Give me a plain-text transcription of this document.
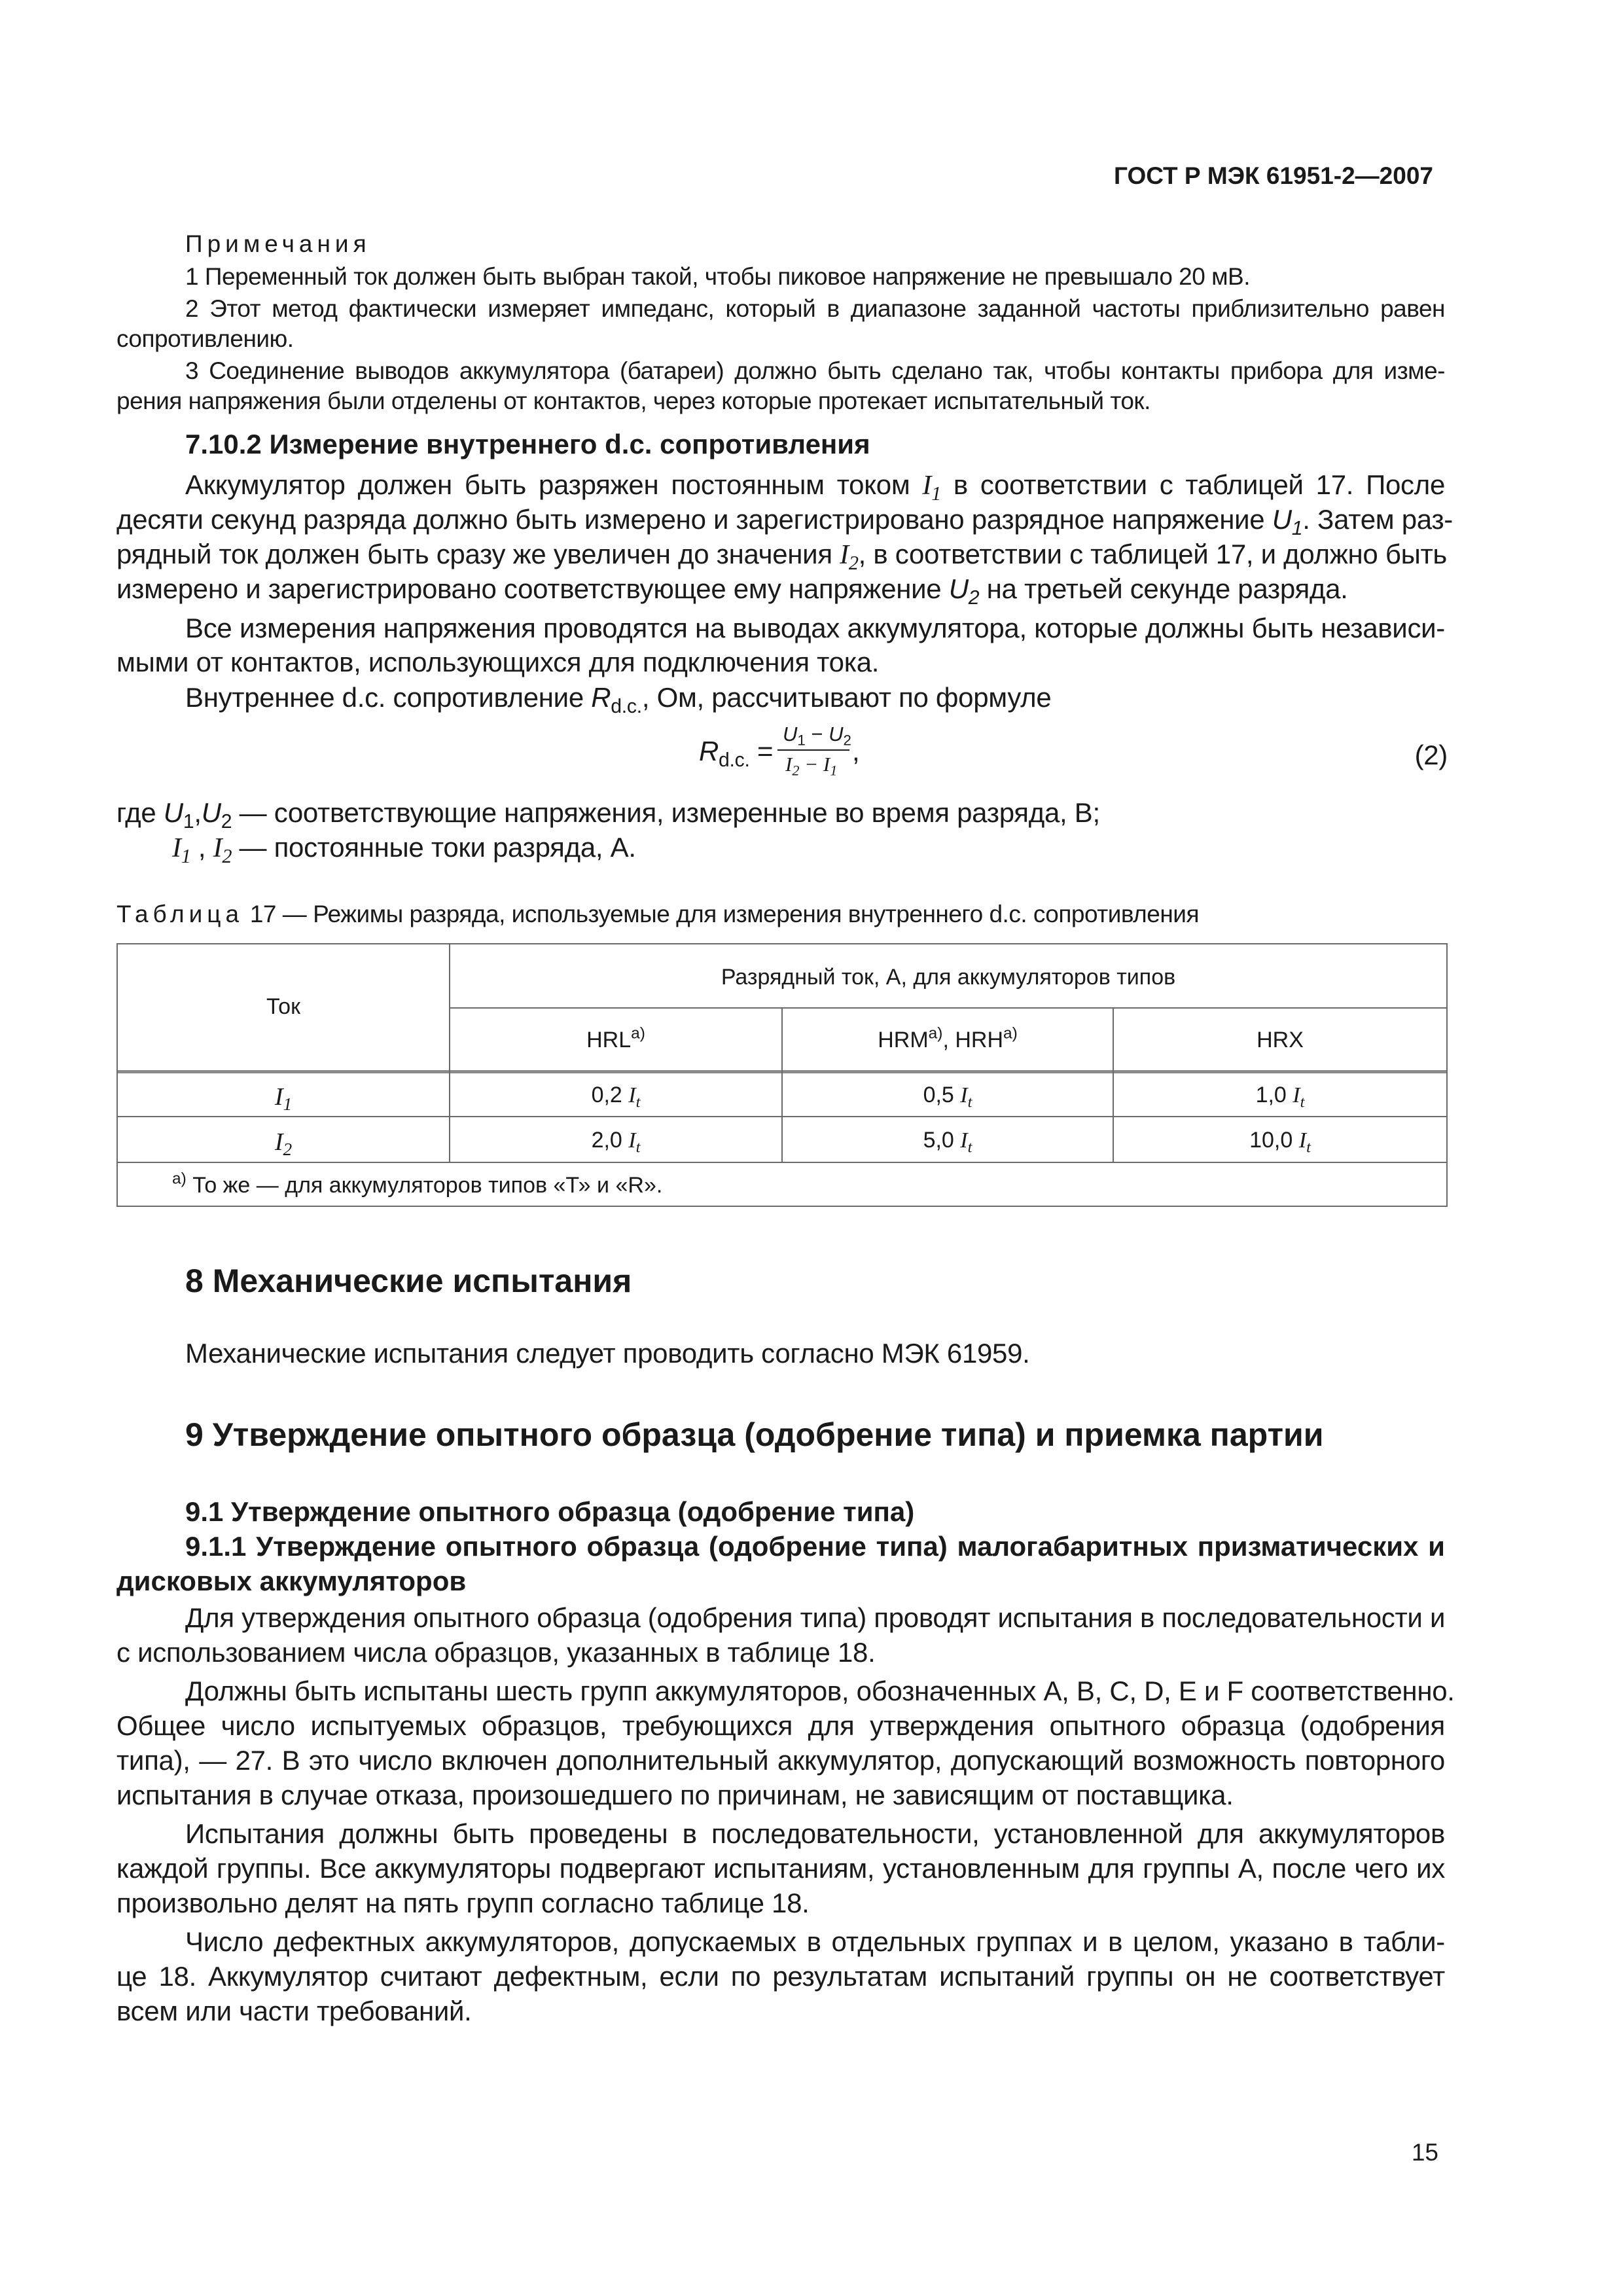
ГОСТ Р МЭК 61951-2—2007
Примечания
1 Переменный ток должен быть выбран такой, чтобы пиковое напряжение не превышало 20 мВ.
2 Этот метод фактически измеряет импеданс, который в диапазоне заданной частоты приблизительно равен
сопротивлению.
3 Соединение выводов аккумулятора (батареи) должно быть сделано так, чтобы контакты прибора для изме-
рения напряжения были отделены от контактов, через которые протекает испытательный ток.
7.10.2 Измерение внутреннего d.c. сопротивления
Аккумулятор должен быть разряжен постоянным током $I_1$ в соответствии с таблицей 17. После
десяти секунд разряда должно быть измерено и зарегистрировано разрядное напряжение $U_1$. Затем раз-
рядный ток должен быть сразу же увеличен до значения $I_2$, в соответствии с таблицей 17, и должно быть
измерено и зарегистрировано соответствующее ему напряжение $U_2$ на третьей секунде разряда.
Все измерения напряжения проводятся на выводах аккумулятора, которые должны быть независи-
мыми от контактов, использующихся для подключения тока.
Внутреннее d.c. сопротивление $R_{d.c.}$, Ом, рассчитывают по формуле
$R_{d.c.}$ =
$U_1 - U_2$
$I_2 - I_1$
,	(2)
где $U_1,U_2$ — соответствующие напряжения, измеренные во время разряда, В;
$I_1$ , $I_2$ — постоянные токи разряда, А.
Таблица 17 — Режимы разряда, используемые для измерения внутреннего d.c. сопротивления
Ток
Разрядный ток, А, для аккумуляторов типов
$HRL^{а)}$	$HRM^{а)}$, $HRH^{а)}$	HRX
$I_1$	0,2 $I_t$	0,5 $I_t$	1,0 $I_t$
$I_2$	2,0 $I_t$	5,0 $I_t$	10,0 $I_t$
$^{а)}$ То же — для аккумуляторов типов «Т» и «R».
8 Механические испытания
Механические испытания следует проводить согласно МЭК 61959.
9 Утверждение опытного образца (одобрение типа) и приемка партии
9.1 Утверждение опытного образца (одобрение типа)
9.1.1 Утверждение опытного образца (одобрение типа) малогабаритных призматических и
дисковых аккумуляторов
Для утверждения опытного образца (одобрения типа) проводят испытания в последовательности и
с использованием числа образцов, указанных в таблице 18.
Должны быть испытаны шесть групп аккумуляторов, обозначенных А, В, С, D, Е и F соответственно.
Общее число испытуемых образцов, требующихся для утверждения опытного образца (одобрения
типа), — 27. В это число включен дополнительный аккумулятор, допускающий возможность повторного
испытания в случае отказа, произошедшего по причинам, не зависящим от поставщика.
Испытания должны быть проведены в последовательности, установленной для аккумуляторов
каждой группы. Все аккумуляторы подвергают испытаниям, установленным для группы А, после чего их
произвольно делят на пять групп согласно таблице 18.
Число дефектных аккумуляторов, допускаемых в отдельных группах и в целом, указано в табли-
це 18. Аккумулятор считают дефектным, если по результатам испытаний группы он не соответствует
всем или части требований.
15
